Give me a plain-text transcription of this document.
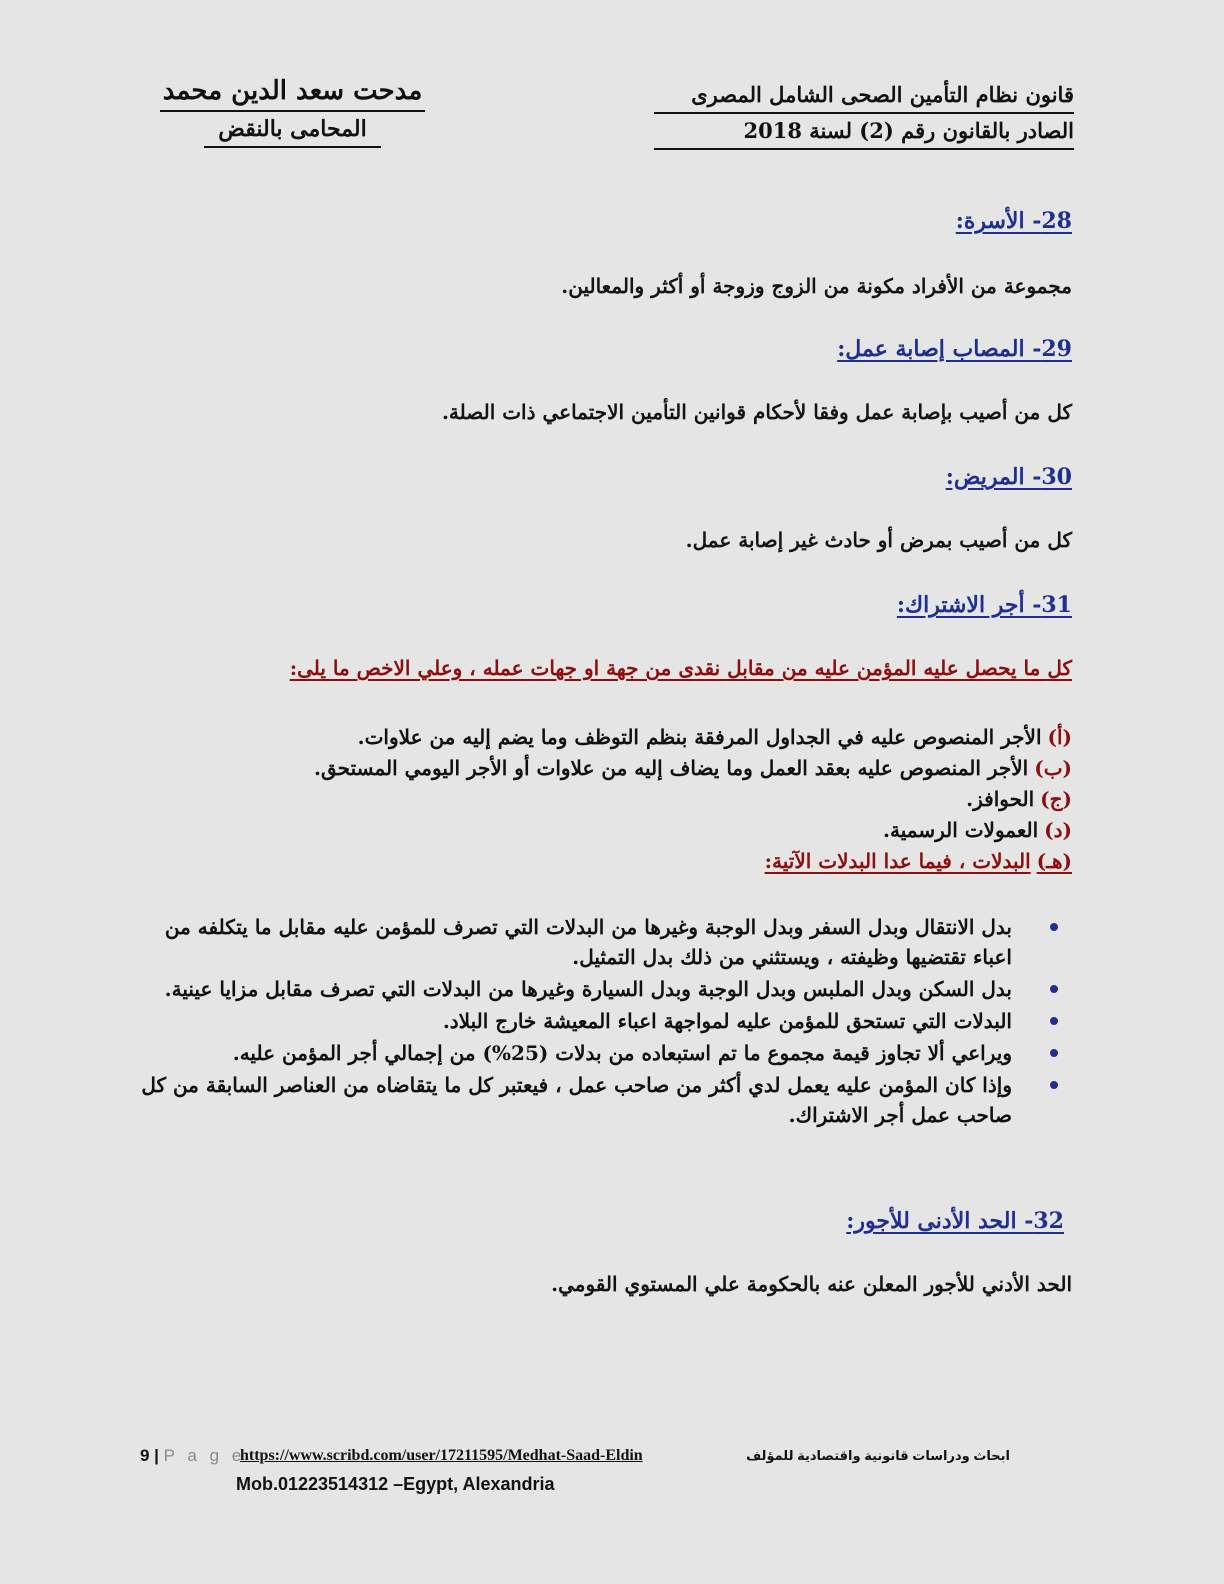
قانون نظام التأمين الصحى الشامل المصرى
الصادر بالقانون رقم (2) لسنة 2018
مدحت سعد الدين محمد
المحامى بالنقض
28- الأسرة:
مجموعة من الأفراد مكونة من الزوج وزوجة أو أكثر والمعالين.
29- المصاب إصابة عمل:
كل من أصيب بإصابة عمل وفقا لأحكام قوانين التأمين الاجتماعي ذات الصلة.
30- المريض:
كل من أصيب بمرض أو حادث غير إصابة عمل.
31- أجر الاشتراك:
كل ما يحصل عليه المؤمن عليه من مقابل نقدى من جهة او جهات عمله ، وعلي الاخص ما يلى:
(أ)الأجر المنصوص عليه في الجداول المرفقة بنظم التوظف وما يضم إليه من علاوات.
(ب)الأجر المنصوص عليه بعقد العمل وما يضاف إليه من علاوات أو الأجر اليومي المستحق.
(ج)الحوافز.
(د)العمولات الرسمية.
(هـ)البدلات ، فيما عدا البدلات الآتية:
بدل الانتقال وبدل السفر وبدل الوجبة وغيرها من البدلات التي تصرف للمؤمن عليه مقابل ما يتكلفه من اعباء تقتضيها وظيفته ، ويستثني من ذلك بدل التمثيل.
بدل السكن وبدل الملبس وبدل الوجبة وبدل السيارة وغيرها من البدلات التي تصرف مقابل مزايا عينية.
البدلات التي تستحق للمؤمن عليه لمواجهة اعباء المعيشة خارج البلاد.
ويراعي ألا تجاوز قيمة مجموع ما تم استبعاده من بدلات (25%) من إجمالي أجر المؤمن عليه.
وإذا كان المؤمن عليه يعمل لدي أكثر من صاحب عمل ، فيعتبر كل ما يتقاضاه من العناصر السابقة من كل صاحب عمل أجر الاشتراك.
32- الحد الأدنى للأجور:
الحد الأدني للأجور المعلن عنه بالحكومة علي المستوي القومي.
9 | P a g e
https://www.scribd.com/user/17211595/Medhat-Saad-Eldin	ابحاث ودراسات قانونية واقتصادية للمؤلف
Mob.01223514312 –Egypt, Alexandria
